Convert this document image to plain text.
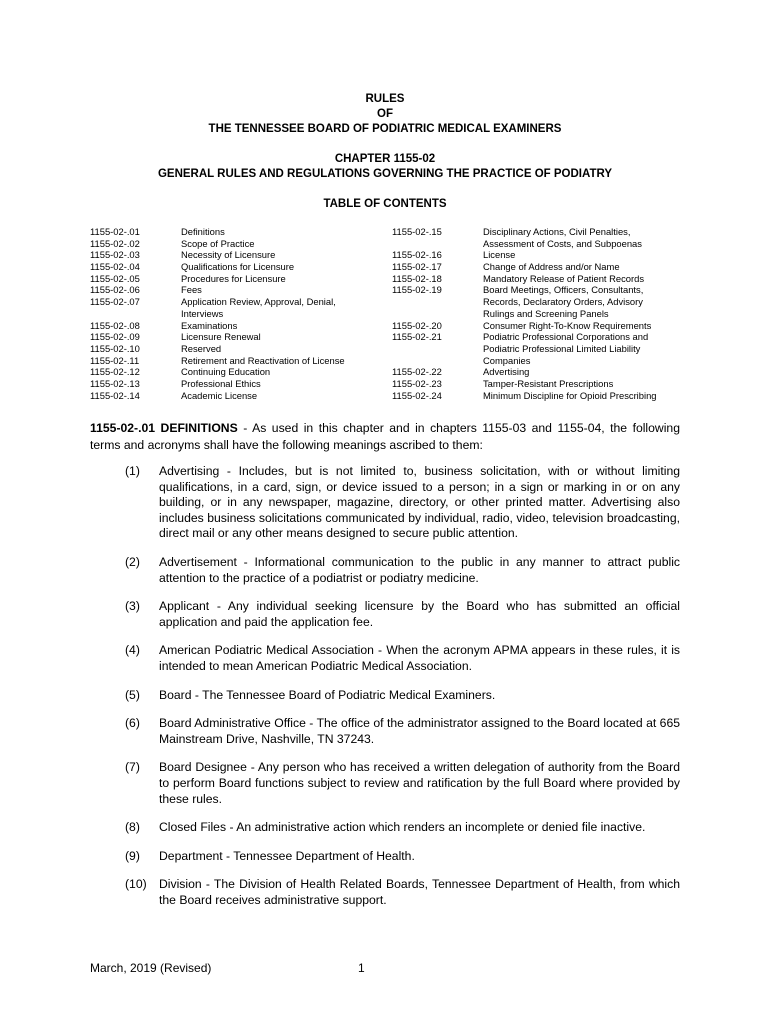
RULES
OF
THE TENNESSEE BOARD OF PODIATRIC MEDICAL EXAMINERS
CHAPTER 1155-02
GENERAL RULES AND REGULATIONS GOVERNING THE PRACTICE OF PODIATRY
TABLE OF CONTENTS
1155-02-.01	Definitions	1155-02-.15	Disciplinary Actions, Civil Penalties,
1155-02-.02	Scope of Practice	Assessment of Costs, and Subpoenas
1155-02-.03	Necessity of Licensure	1155-02-.16	License
1155-02-.04	Qualifications for Licensure	1155-02-.17	Change of Address and/or Name
1155-02-.05	Procedures for Licensure	1155-02-.18	Mandatory Release of Patient Records
1155-02-.06	Fees	1155-02-.19	Board Meetings, Officers, Consultants,
1155-02-.07	Application Review, Approval, Denial,	Records, Declaratory Orders, Advisory
Interviews	Rulings and Screening Panels
1155-02-.08	Examinations	1155-02-.20	Consumer Right-To-Know Requirements
1155-02-.09	Licensure Renewal	1155-02-.21	Podiatric Professional Corporations and
1155-02-.10	Reserved	Podiatric Professional Limited Liability
1155-02-.11	Retirement and Reactivation of License	Companies
1155-02-.12	Continuing Education	1155-02-.22	Advertising
1155-02-.13	Professional Ethics	1155-02-.23	Tamper-Resistant Prescriptions
1155-02-.14	Academic License	1155-02-.24	Minimum Discipline for Opioid Prescribing
1155-02-.01 DEFINITIONS - As used in this chapter and in chapters 1155-03 and 1155-04, the following terms and acronyms shall have the following meanings ascribed to them:
(1) Advertising - Includes, but is not limited to, business solicitation, with or without limiting qualifications, in a card, sign, or device issued to a person; in a sign or marking in or on any building, or in any newspaper, magazine, directory, or other printed matter. Advertising also includes business solicitations communicated by individual, radio, video, television broadcasting, direct mail or any other means designed to secure public attention.
(2) Advertisement - Informational communication to the public in any manner to attract public attention to the practice of a podiatrist or podiatry medicine.
(3) Applicant - Any individual seeking licensure by the Board who has submitted an official application and paid the application fee.
(4) American Podiatric Medical Association - When the acronym APMA appears in these rules, it is intended to mean American Podiatric Medical Association.
(5) Board - The Tennessee Board of Podiatric Medical Examiners.
(6) Board Administrative Office - The office of the administrator assigned to the Board located at 665 Mainstream Drive, Nashville, TN 37243.
(7) Board Designee - Any person who has received a written delegation of authority from the Board to perform Board functions subject to review and ratification by the full Board where provided by these rules.
(8) Closed Files - An administrative action which renders an incomplete or denied file inactive.
(9) Department - Tennessee Department of Health.
(10) Division - The Division of Health Related Boards, Tennessee Department of Health, from which the Board receives administrative support.
March, 2019 (Revised)	1
